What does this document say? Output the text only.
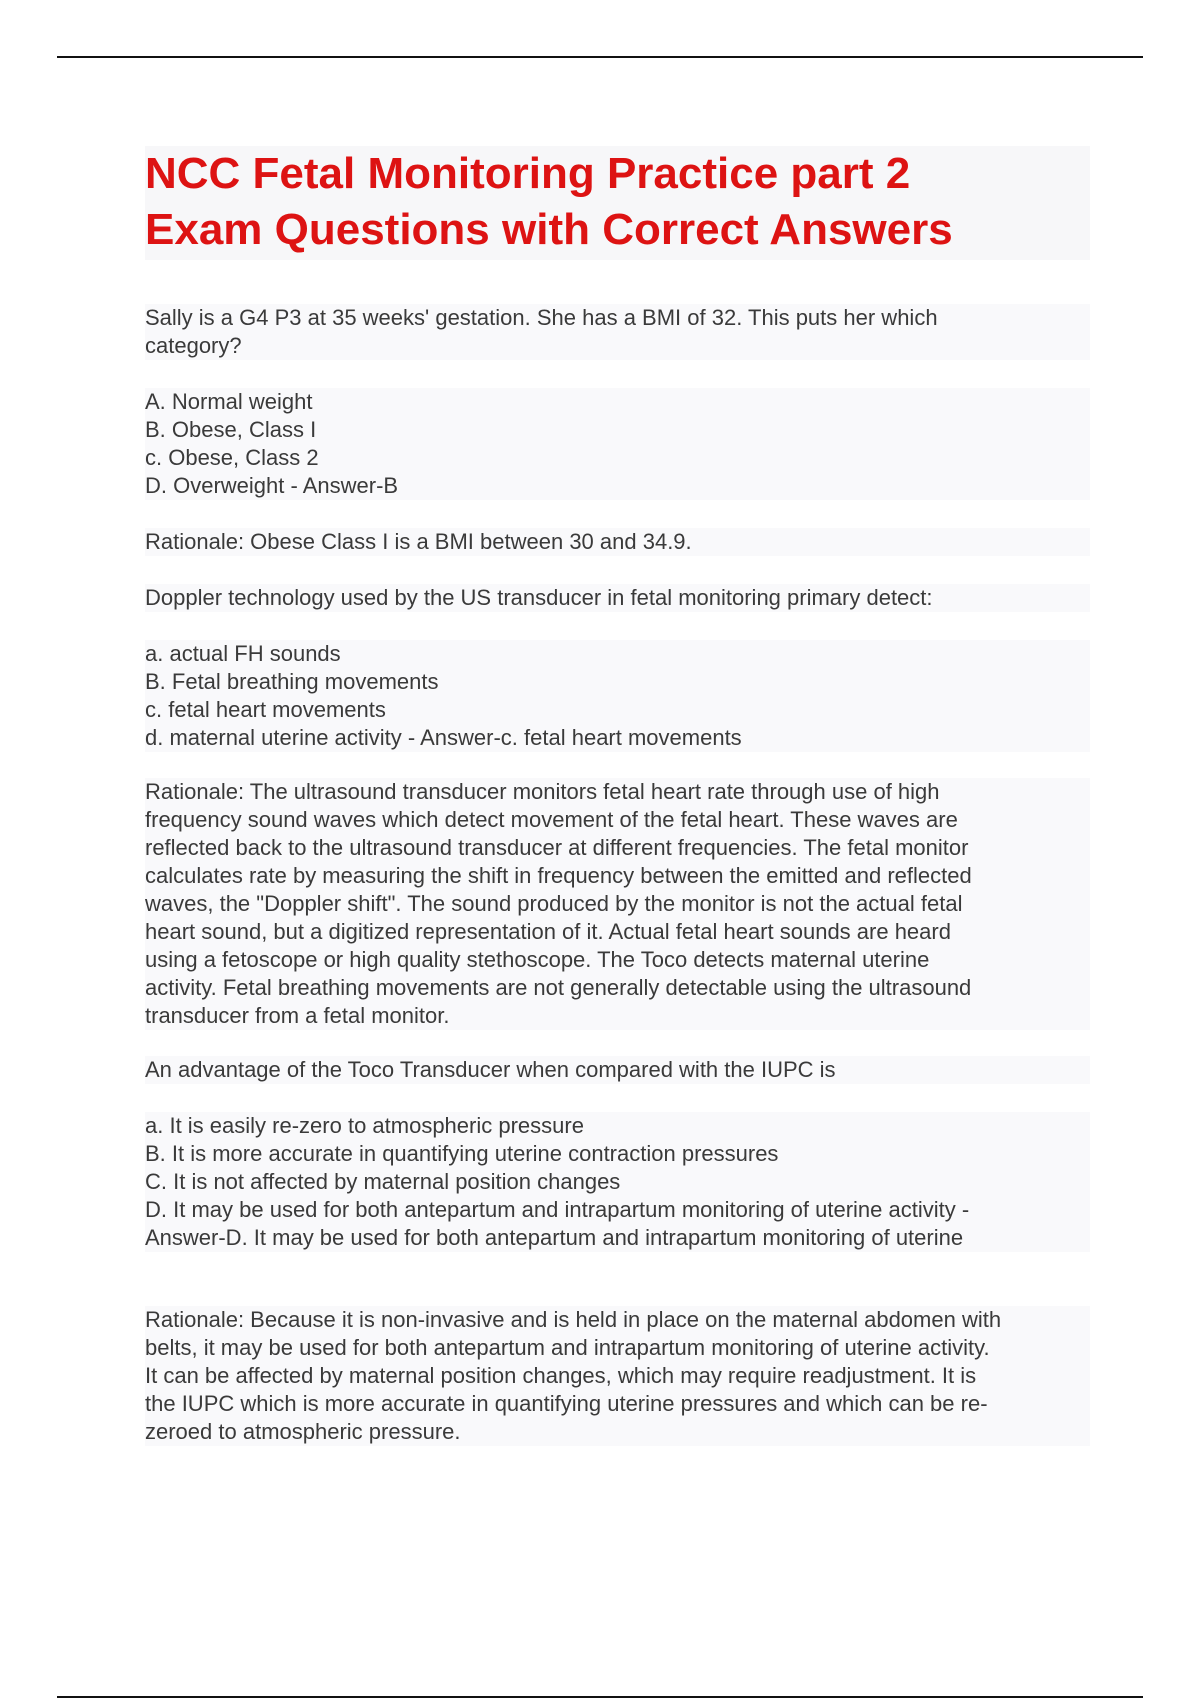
NCC Fetal Monitoring Practice part 2
Exam Questions with Correct Answers
Sally is a G4 P3 at 35 weeks' gestation. She has a BMI of 32. This puts her which
category?
A. Normal weight
B. Obese, Class I
c. Obese, Class 2
D. Overweight - Answer-B
Rationale: Obese Class I is a BMI between 30 and 34.9.
Doppler technology used by the US transducer in fetal monitoring primary detect:
a. actual FH sounds
B. Fetal breathing movements
c. fetal heart movements
d. maternal uterine activity - Answer-c. fetal heart movements
Rationale: The ultrasound transducer monitors fetal heart rate through use of high
frequency sound waves which detect movement of the fetal heart. These waves are
reflected back to the ultrasound transducer at different frequencies. The fetal monitor
calculates rate by measuring the shift in frequency between the emitted and reflected
waves, the "Doppler shift". The sound produced by the monitor is not the actual fetal
heart sound, but a digitized representation of it. Actual fetal heart sounds are heard
using a fetoscope or high quality stethoscope. The Toco detects maternal uterine
activity. Fetal breathing movements are not generally detectable using the ultrasound
transducer from a fetal monitor.
An advantage of the Toco Transducer when compared with the IUPC is
a. It is easily re-zero to atmospheric pressure
B. It is more accurate in quantifying uterine contraction pressures
C. It is not affected by maternal position changes
D. It may be used for both antepartum and intrapartum monitoring of uterine activity -
Answer-D. It may be used for both antepartum and intrapartum monitoring of uterine
Rationale: Because it is non-invasive and is held in place on the maternal abdomen with
belts, it may be used for both antepartum and intrapartum monitoring of uterine activity.
It can be affected by maternal position changes, which may require readjustment. It is
the IUPC which is more accurate in quantifying uterine pressures and which can be re-
zeroed to atmospheric pressure.
